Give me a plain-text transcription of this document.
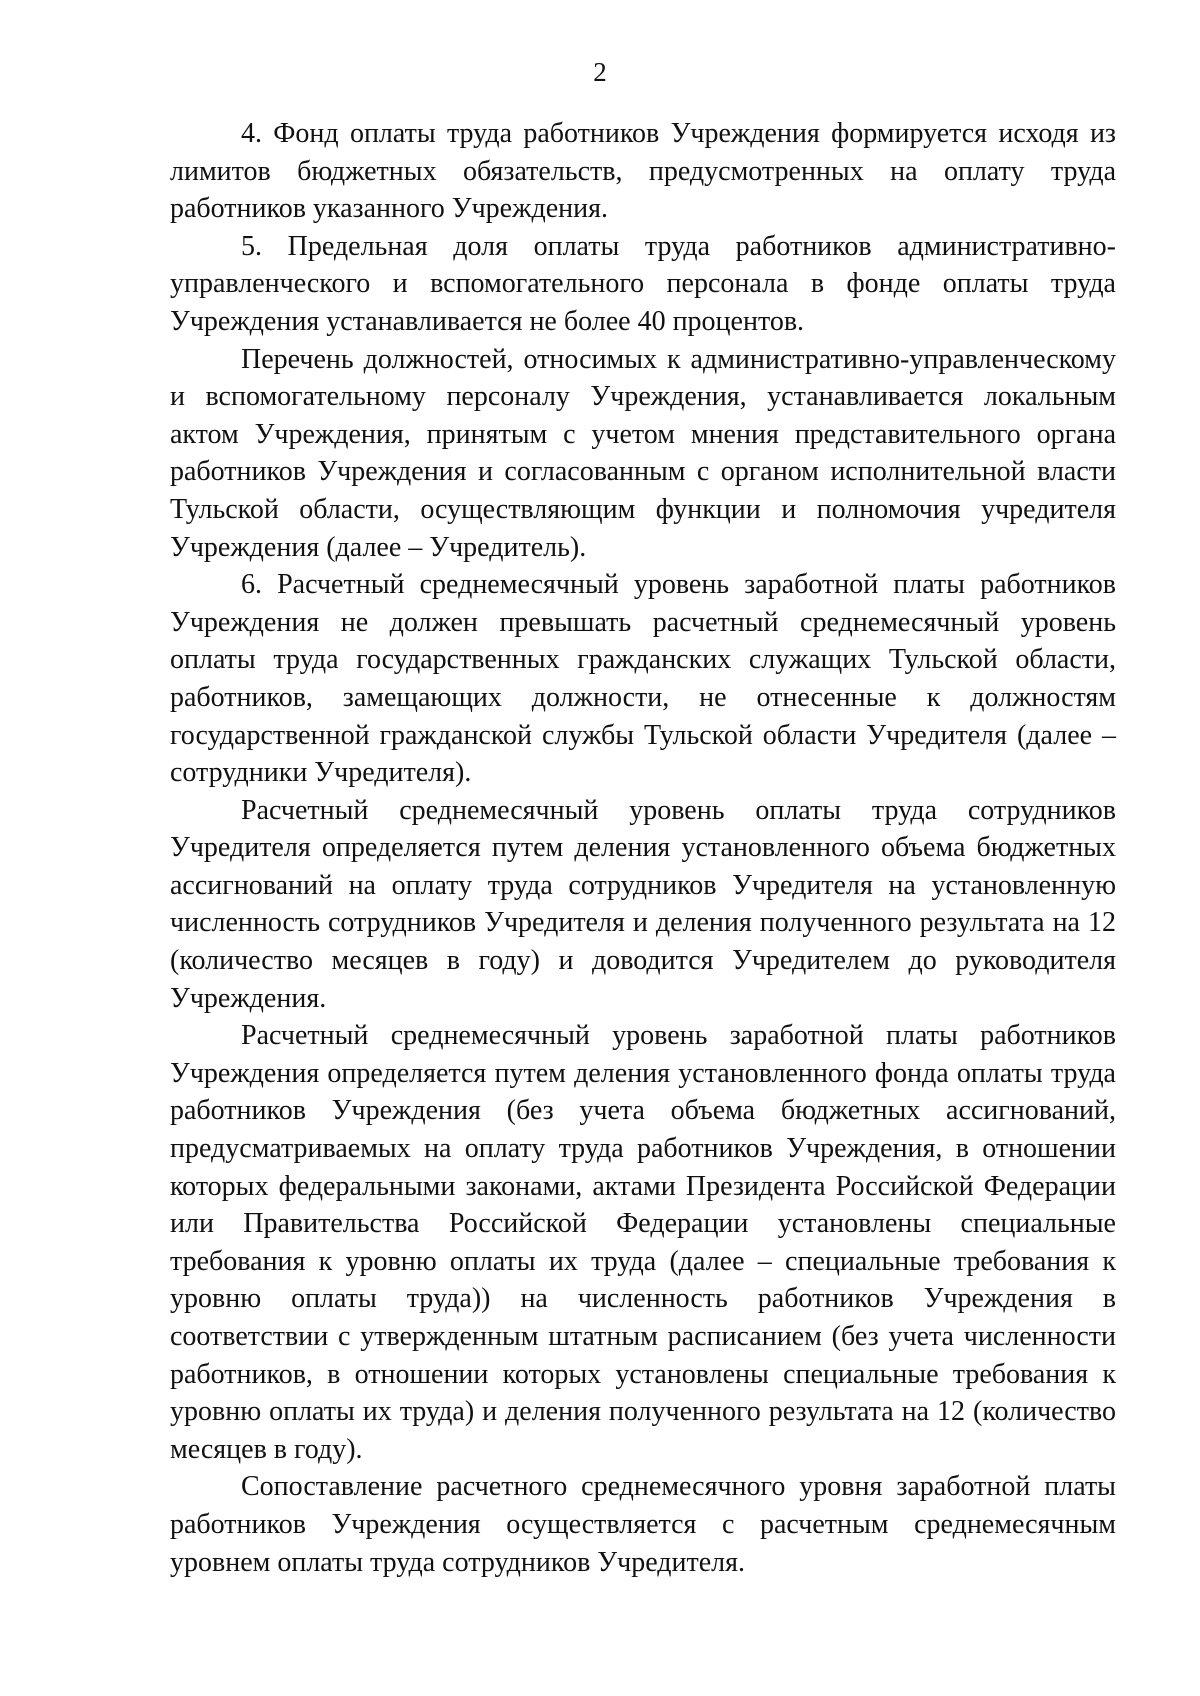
2

4. Фонд оплаты труда работников Учреждения формируется исходя из лимитов бюджетных обязательств, предусмотренных на оплату труда работников указанного Учреждения.

5. Предельная доля оплаты труда работников административно-управленческого и вспомогательного персонала в фонде оплаты труда Учреждения устанавливается не более 40 процентов.

Перечень должностей, относимых к административно-управленческому и вспомогательному персоналу Учреждения, устанавливается локальным актом Учреждения, принятым с учетом мнения представительного органа работников Учреждения и согласованным с органом исполнительной власти Тульской области, осуществляющим функции и полномочия учредителя Учреждения (далее – Учредитель).

6. Расчетный среднемесячный уровень заработной платы работников Учреждения не должен превышать расчетный среднемесячный уровень оплаты труда государственных гражданских служащих Тульской области, работников, замещающих должности, не отнесенные к должностям государственной гражданской службы Тульской области Учредителя (далее – сотрудники Учредителя).

Расчетный среднемесячный уровень оплаты труда сотрудников Учредителя определяется путем деления установленного объема бюджетных ассигнований на оплату труда сотрудников Учредителя на установленную численность сотрудников Учредителя и деления полученного результата на 12 (количество месяцев в году) и доводится Учредителем до руководителя Учреждения.

Расчетный среднемесячный уровень заработной платы работников Учреждения определяется путем деления установленного фонда оплаты труда работников Учреждения (без учета объема бюджетных ассигнований, предусматриваемых на оплату труда работников Учреждения, в отношении которых федеральными законами, актами Президента Российской Федерации или Правительства Российской Федерации установлены специальные требования к уровню оплаты их труда (далее – специальные требования к уровню оплаты труда)) на численность работников Учреждения в соответствии с утвержденным штатным расписанием (без учета численности работников, в отношении которых установлены специальные требования к уровню оплаты их труда) и деления полученного результата на 12 (количество месяцев в году).

Сопоставление расчетного среднемесячного уровня заработной платы работников Учреждения осуществляется с расчетным среднемесячным уровнем оплаты труда сотрудников Учредителя.
